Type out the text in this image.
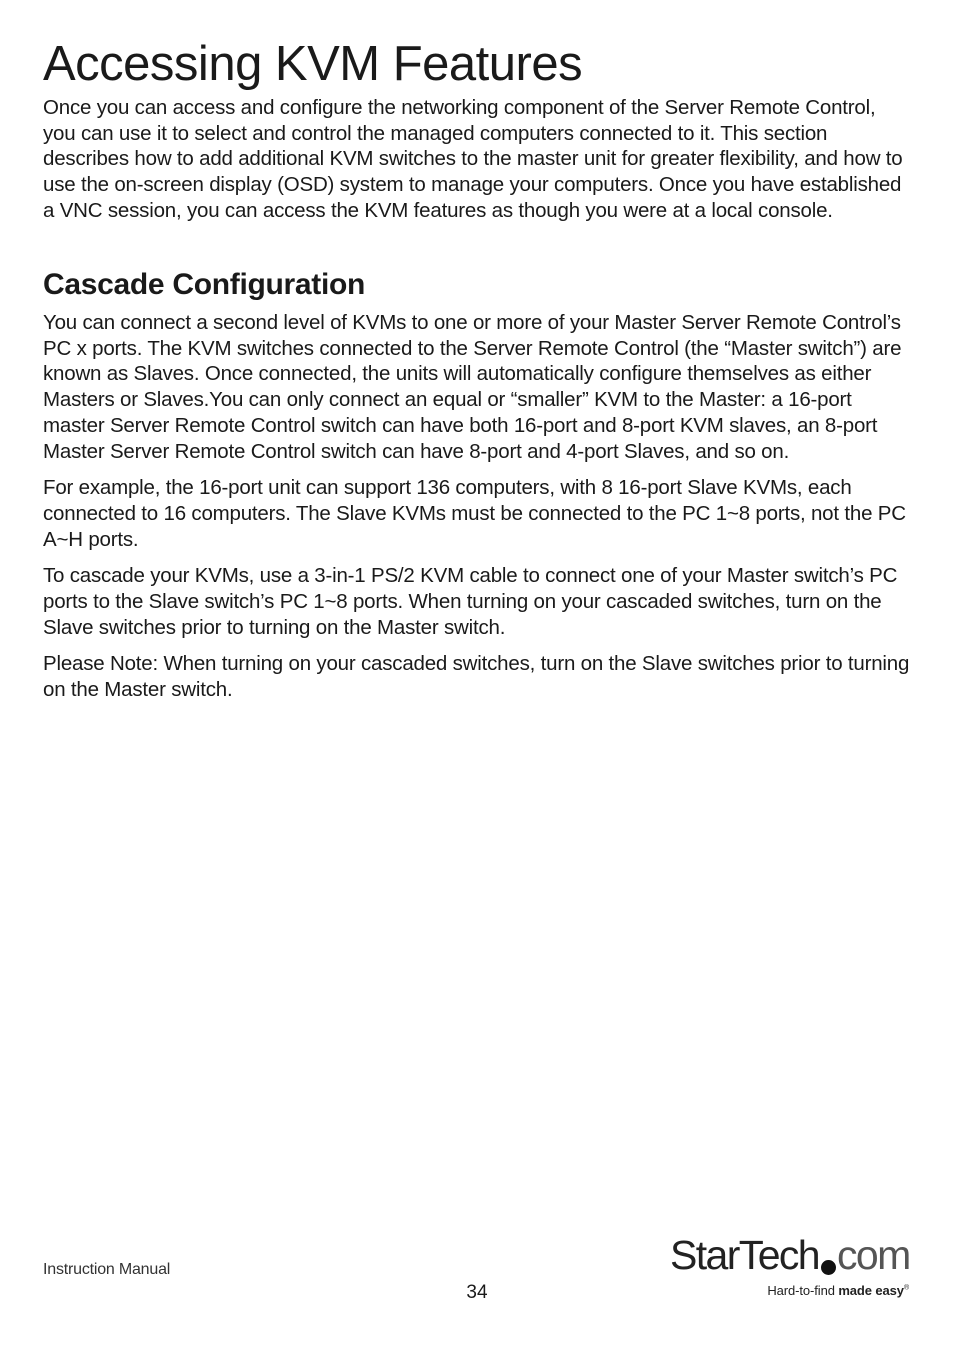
Accessing KVM Features

Once you can access and configure the networking component of the Server Remote Control, you can use it to select and control the managed computers connected to it. This section describes how to add additional KVM switches to the master unit for greater flexibility, and how to use the on-screen display (OSD) system to manage your computers. Once you have established a VNC session, you can access the KVM features as though you were at a local console.

Cascade Configuration

You can connect a second level of KVMs to one or more of your Master Server Remote Control’s PC x ports. The KVM switches connected to the Server Remote Control (the “Master switch”) are known as Slaves. Once connected, the units will automatically configure themselves as either Masters or Slaves.You can only connect an equal or “smaller” KVM to the Master: a 16-port master Server Remote Control switch can have both 16-port and 8-port KVM slaves, an 8-port Master Server Remote Control switch can have 8-port and 4-port Slaves, and so on.

For example, the 16-port unit can support 136 computers, with 8 16-port Slave KVMs, each connected to 16 computers. The Slave KVMs must be connected to the PC 1~8 ports, not the PC A~H ports.

To cascade your KVMs, use a 3-in-1 PS/2 KVM cable to connect one of your Master switch’s PC ports to the Slave switch’s PC 1~8 ports. When turning on your cascaded switches, turn on the Slave switches prior to turning on the Master switch.

Please Note: When turning on your cascaded switches, turn on the Slave switches prior to turning on the Master switch.

Instruction Manual
34
StarTech com
Hard-to-find made easy®
